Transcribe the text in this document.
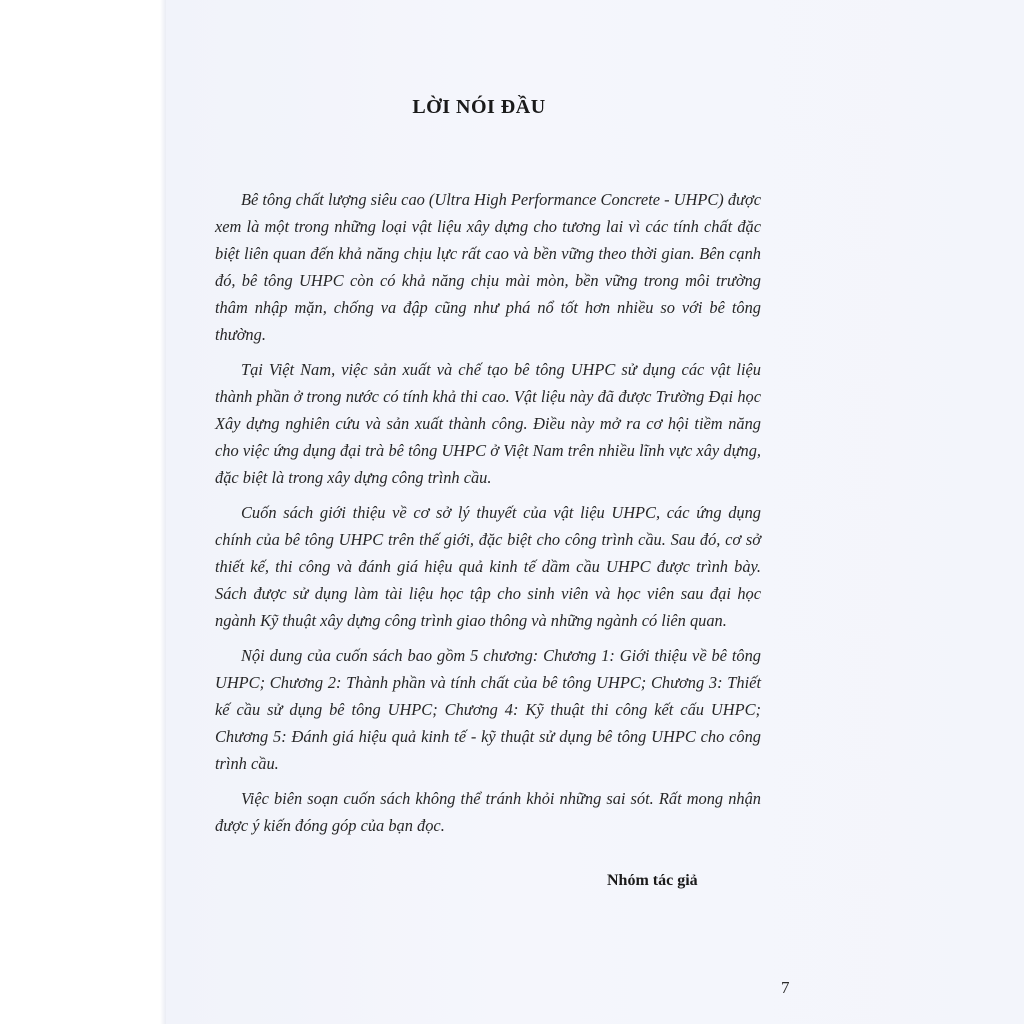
LỜI NÓI ĐẦU

Bê tông chất lượng siêu cao (Ultra High Performance Concrete - UHPC) được xem là một trong những loại vật liệu xây dựng cho tương lai vì các tính chất đặc biệt liên quan đến khả năng chịu lực rất cao và bền vững theo thời gian. Bên cạnh đó, bê tông UHPC còn có khả năng chịu mài mòn, bền vững trong môi trường thâm nhập mặn, chống va đập cũng như phá nổ tốt hơn nhiều so với bê tông thường.

Tại Việt Nam, việc sản xuất và chế tạo bê tông UHPC sử dụng các vật liệu thành phần ở trong nước có tính khả thi cao. Vật liệu này đã được Trường Đại học Xây dựng nghiên cứu và sản xuất thành công. Điều này mở ra cơ hội tiềm năng cho việc ứng dụng đại trà bê tông UHPC ở Việt Nam trên nhiều lĩnh vực xây dựng, đặc biệt là trong xây dựng công trình cầu.

Cuốn sách giới thiệu về cơ sở lý thuyết của vật liệu UHPC, các ứng dụng chính của bê tông UHPC trên thế giới, đặc biệt cho công trình cầu. Sau đó, cơ sở thiết kế, thi công và đánh giá hiệu quả kinh tế dầm cầu UHPC được trình bày. Sách được sử dụng làm tài liệu học tập cho sinh viên và học viên sau đại học ngành Kỹ thuật xây dựng công trình giao thông và những ngành có liên quan.

Nội dung của cuốn sách bao gồm 5 chương: Chương 1: Giới thiệu về bê tông UHPC; Chương 2: Thành phần và tính chất của bê tông UHPC; Chương 3: Thiết kế cầu sử dụng bê tông UHPC; Chương 4: Kỹ thuật thi công kết cấu UHPC; Chương 5: Đánh giá hiệu quả kinh tế - kỹ thuật sử dụng bê tông UHPC cho công trình cầu.

Việc biên soạn cuốn sách không thể tránh khỏi những sai sót. Rất mong nhận được ý kiến đóng góp của bạn đọc.

Nhóm tác giả
7
